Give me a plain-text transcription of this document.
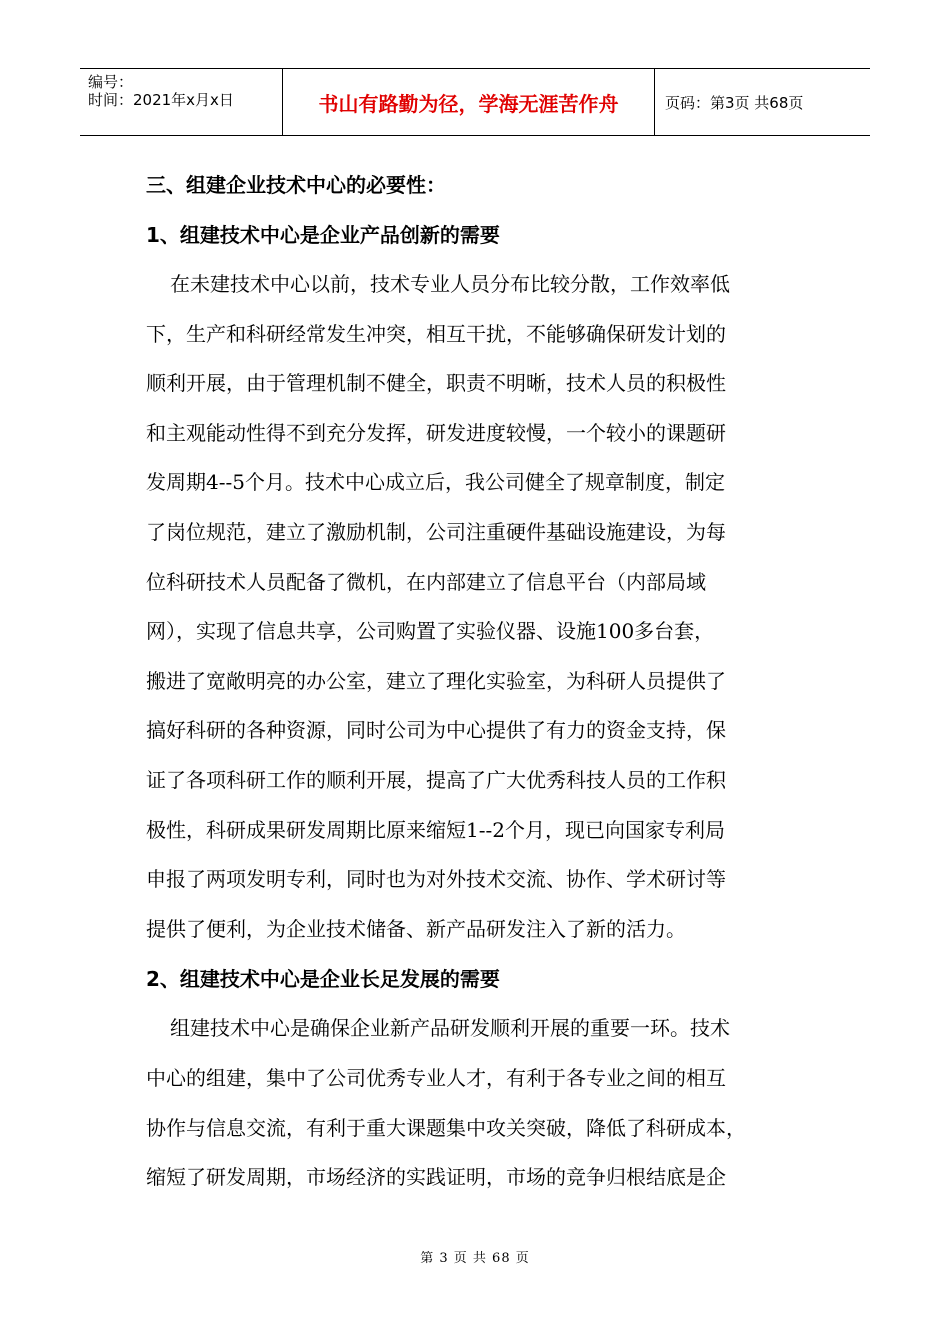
编号：
时间：2021年x月x日	书山有路勤为径，学海无涯苦作舟	页码：第3页 共68页

三、组建企业技术中心的必要性：

1、组建技术中心是企业产品创新的需要

在未建技术中心以前，技术专业人员分布比较分散，工作效率低
下，生产和科研经常发生冲突，相互干扰，不能够确保研发计划的
顺利开展，由于管理机制不健全，职责不明晰，技术人员的积极性
和主观能动性得不到充分发挥，研发进度较慢，一个较小的课题研
发周期4--5个月。技术中心成立后，我公司健全了规章制度，制定
了岗位规范，建立了激励机制，公司注重硬件基础设施建设，为每
位科研技术人员配备了微机，在内部建立了信息平台（内部局域
网），实现了信息共享，公司购置了实验仪器、设施100多台套，
搬进了宽敞明亮的办公室，建立了理化实验室，为科研人员提供了
搞好科研的各种资源，同时公司为中心提供了有力的资金支持，保
证了各项科研工作的顺利开展，提高了广大优秀科技人员的工作积
极性，科研成果研发周期比原来缩短1--2个月，现已向国家专利局
申报了两项发明专利，同时也为对外技术交流、协作、学术研讨等
提供了便利，为企业技术储备、新产品研发注入了新的活力。

2、组建技术中心是企业长足发展的需要

组建技术中心是确保企业新产品研发顺利开展的重要一环。技术
中心的组建，集中了公司优秀专业人才，有利于各专业之间的相互
协作与信息交流，有利于重大课题集中攻关突破，降低了科研成本，
缩短了研发周期，市场经济的实践证明，市场的竞争归根结底是企

第 3 页 共 68 页
